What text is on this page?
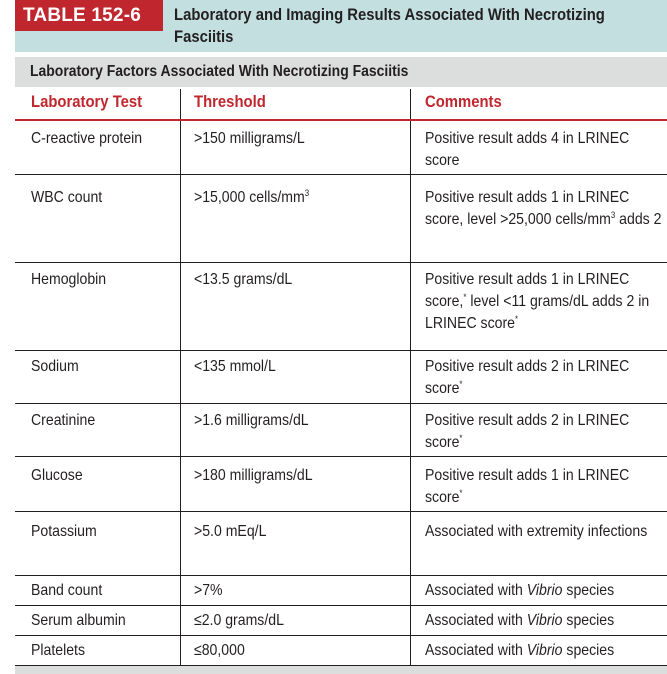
TABLE 152-6	Laboratory and Imaging Results Associated With Necrotizing
Fasciitis
Laboratory Factors Associated With Necrotizing Fasciitis
Laboratory Test	Threshold	Comments
C-reactive protein	>150 milligrams/L	Positive result adds 4 in LRINEC score
WBC count	>15,000 cells/$mm^3$	Positive result adds 1 in LRINEC score, level >25,000 cells/$mm^3$ adds 2
Hemoglobin	<13.5 grams/dL	Positive result adds 1 in LRINEC score,* level <11 grams/dL adds 2 in LRINEC score*
Sodium	<135 mmol/L	Positive result adds 2 in LRINEC score*
Creatinine	>1.6 milligrams/dL	Positive result adds 2 in LRINEC score*
Glucose	>180 milligrams/dL	Positive result adds 1 in LRINEC score*
Potassium	>5.0 mEq/L	Associated with extremity infections
Band count	>7%	Associated with Vibrio species
Serum albumin	≤2.0 grams/dL	Associated with Vibrio species
Platelets	≤80,000	Associated with Vibrio species
